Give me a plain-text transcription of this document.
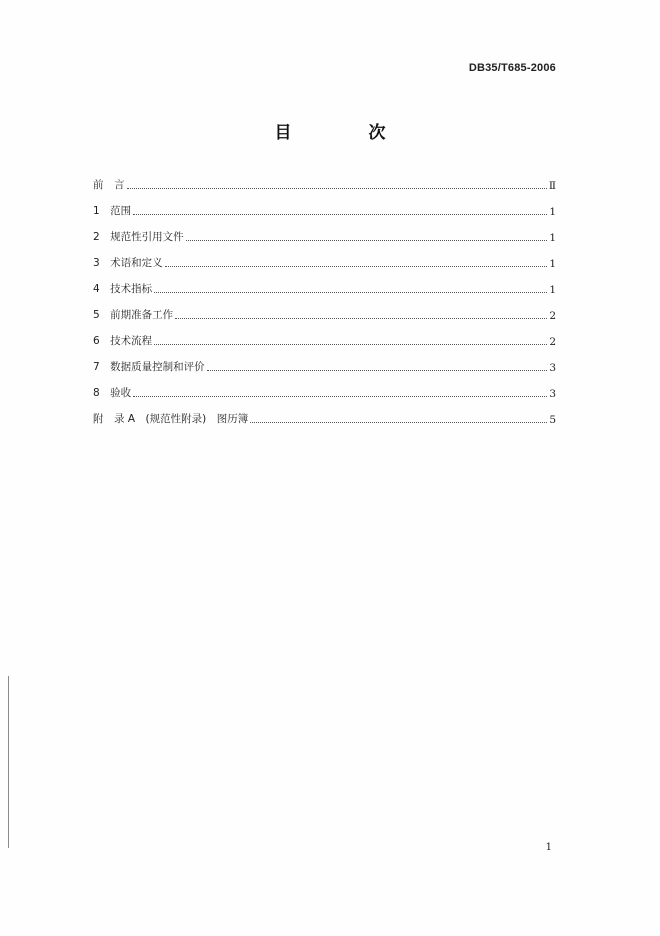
DB35/T685-2006
目　次
前　言	Ⅱ
1　范围	1
2　规范性引用文件	1
3　术语和定义	1
4　技术指标	1
5　前期准备工作	2
6　技术流程	2
7　数据质量控制和评价	3
8　验收	3
附　录 A　(规范性附录)　图历簿	5
1
